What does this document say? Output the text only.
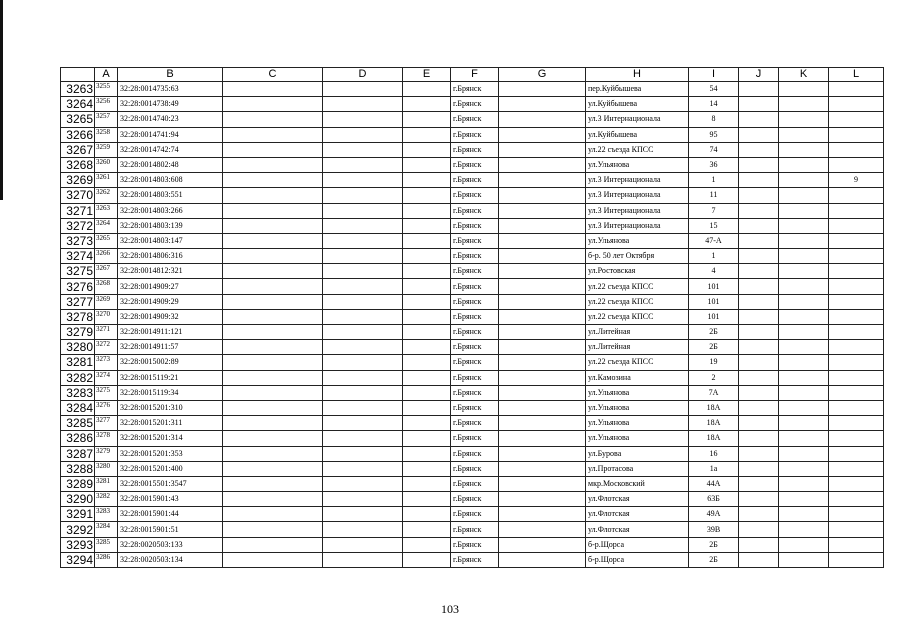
	A	B	C	D	E	F	G	H	I	J	K	L
3263	3255	32:28:0014735:63				г.Брянск		пер.Куйбышева	54			
3264	3256	32:28:0014738:49				г.Брянск		ул.Куйбышева	14			
3265	3257	32:28:0014740:23				г.Брянск		ул.3 Интернационала	8			
3266	3258	32:28:0014741:94				г.Брянск		ул.Куйбышева	95			
3267	3259	32:28:0014742:74				г.Брянск		ул.22 съезда КПСС	74			
3268	3260	32:28:0014802:48				г.Брянск		ул.Ульянова	36			
3269	3261	32:28:0014803:608				г.Брянск		ул.3 Интернационала	1			9
3270	3262	32:28:0014803:551				г.Брянск		ул.3 Интернационала	11			
3271	3263	32:28:0014803:266				г.Брянск		ул.3 Интернационала	7			
3272	3264	32:28:0014803:139				г.Брянск		ул.3 Интернационала	15			
3273	3265	32:28:0014803:147				г.Брянск		ул.Ульянова	47-А			
3274	3266	32:28:0014806:316				г.Брянск		б-р. 50 лет Октября	1			
3275	3267	32:28:0014812:321				г.Брянск		ул.Ростовская	4			
3276	3268	32:28:0014909:27				г.Брянск		ул.22 съезда КПСС	101			
3277	3269	32:28:0014909:29				г.Брянск		ул.22 съезда КПСС	101			
3278	3270	32:28:0014909:32				г.Брянск		ул.22 съезда КПСС	101			
3279	3271	32:28:0014911:121				г.Брянск		ул.Литейная	2Б			
3280	3272	32:28:0014911:57				г.Брянск		ул.Литейная	2Б			
3281	3273	32:28:0015002:89				г.Брянск		ул.22 съезда КПСС	19			
3282	3274	32:28:0015119:21				г.Брянск		ул.Камозина	2			
3283	3275	32:28:0015119:34				г.Брянск		ул.Ульянова	7А			
3284	3276	32:28:0015201:310				г.Брянск		ул.Ульянова	18А			
3285	3277	32:28:0015201:311				г.Брянск		ул.Ульянова	18А			
3286	3278	32:28:0015201:314				г.Брянск		ул.Ульянова	18А			
3287	3279	32:28:0015201:353				г.Брянск		ул.Бурова	16			
3288	3280	32:28:0015201:400				г.Брянск		ул.Протасова	1а			
3289	3281	32:28:0015501:3547				г.Брянск		мкр.Московский	44А			
3290	3282	32:28:0015901:43				г.Брянск		ул.Флотская	63Б			
3291	3283	32:28:0015901:44				г.Брянск		ул.Флотская	49А			
3292	3284	32:28:0015901:51				г.Брянск		ул.Флотская	39В			
3293	3285	32:28:0020503:133				г.Брянск		б-р.Щорса	2Б			
3294	3286	32:28:0020503:134				г.Брянск		б-р.Щорса	2Б			
103
